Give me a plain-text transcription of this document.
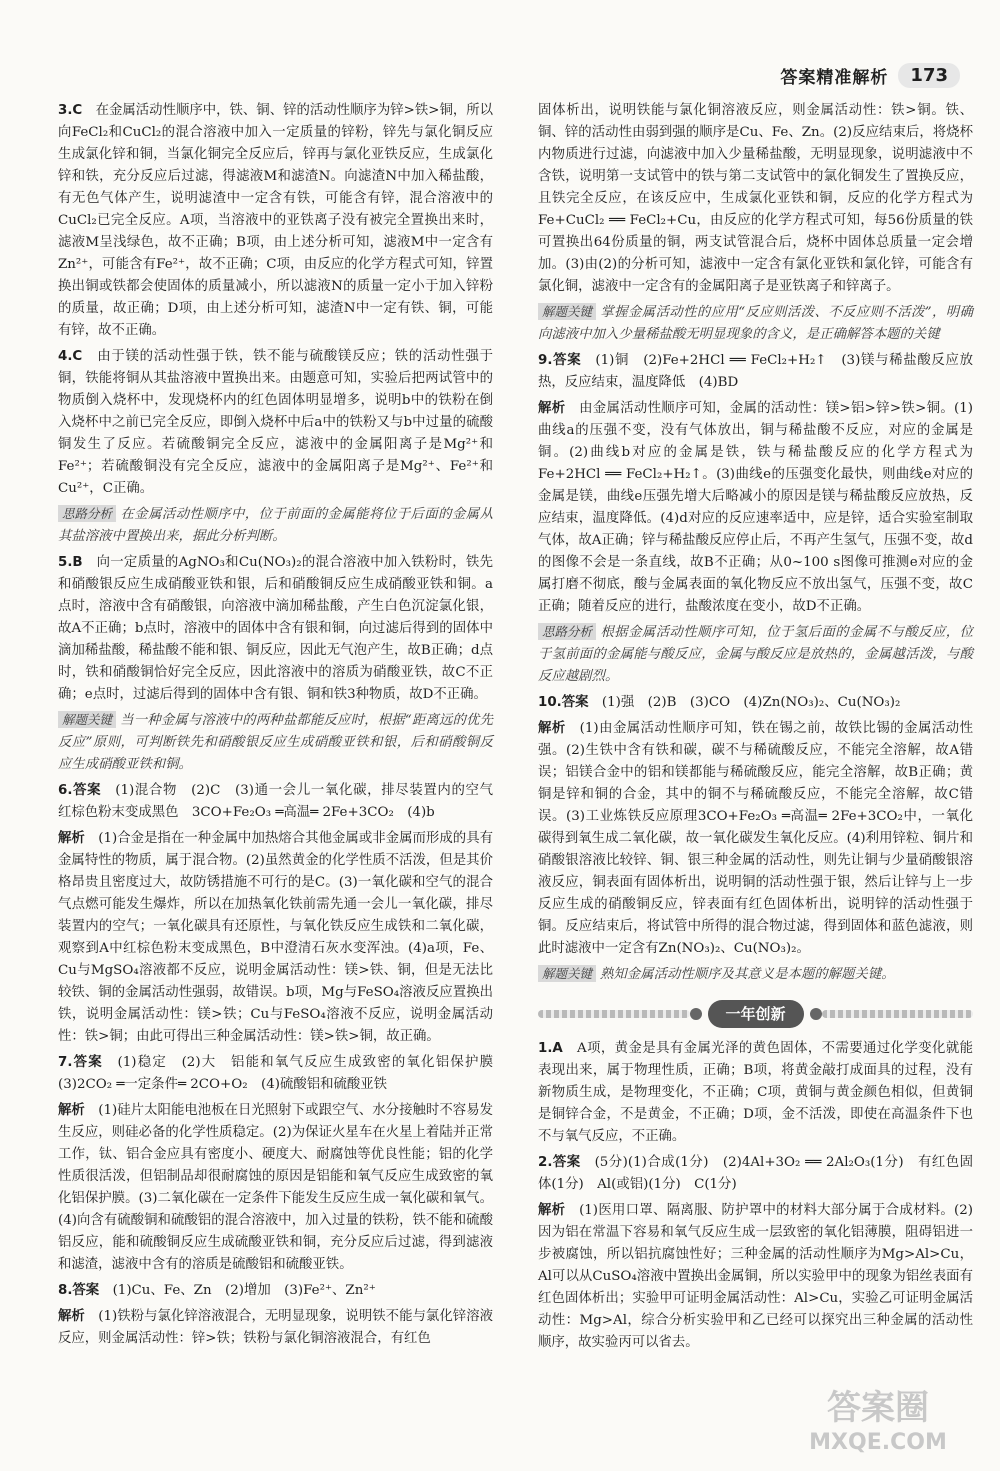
答案精准解析	173

3.C　 在金属活动性顺序中，铁、铜、锌的活动性顺序为锌>铁>铜，所以向FeCl₂和CuCl₂的混合溶液中加入一定质量的锌粉，锌先与氯化铜反应生成氯化锌和铜，当氯化铜完全反应后，锌再与氯化亚铁反应，生成氯化锌和铁，充分反应后过滤，得滤液M和滤渣N。向滤渣N中加入稀盐酸，有无色气体产生，说明滤渣中一定含有铁，可能含有锌，混合溶液中的CuCl₂已完全反应。A项，当溶液中的亚铁离子没有被完全置换出来时，滤液M呈浅绿色，故不正确；B项，由上述分析可知，滤液M中一定含有Zn²⁺，可能含有Fe²⁺，故不正确；C项，由反应的化学方程式可知，锌置换出铜或铁都会使固体的质量减小，所以滤液N的质量一定小于加入锌粉的质量，故正确；D项，由上述分析可知，滤渣N中一定有铁、铜，可能有锌，故不正确。

4.C　 由于镁的活动性强于铁，铁不能与硫酸镁反应；铁的活动性强于铜，铁能将铜从其盐溶液中置换出来。由题意可知，实验后把两试管中的物质倒入烧杯中，发现烧杯内的红色固体明显增多，说明b中的铁粉在倒入烧杯中之前已完全反应，即倒入烧杯中后a中的铁粉又与b中过量的硫酸铜发生了反应。若硫酸铜完全反应，滤液中的金属阳离子是Mg²⁺和Fe²⁺；若硫酸铜没有完全反应，滤液中的金属阳离子是Mg²⁺、Fe²⁺和Cu²⁺，C正确。

思路分析 在金属活动性顺序中，位于前面的金属能将位于后面的金属从其盐溶液中置换出来，据此分析判断。

5.B　 向一定质量的AgNO₃和Cu(NO₃)₂的混合溶液中加入铁粉时，铁先和硝酸银反应生成硝酸亚铁和银，后和硝酸铜反应生成硝酸亚铁和铜。a点时，溶液中含有硝酸银，向溶液中滴加稀盐酸，产生白色沉淀氯化银，故A不正确；b点时，溶液中的固体中含有银和铜，向过滤后得到的固体中滴加稀盐酸，稀盐酸不能和银、铜反应，因此无气泡产生，故B正确；d点时，铁和硝酸铜恰好完全反应，因此溶液中的溶质为硝酸亚铁，故C不正确；e点时，过滤后得到的固体中含有银、铜和铁3种物质，故D不正确。

解题关键 当一种金属与溶液中的两种盐都能反应时，根据“距离远的优先反应”原则，可判断铁先和硝酸银反应生成硝酸亚铁和银，后和硝酸铜反应生成硝酸亚铁和铜。

6.答案　 (1)混合物　(2)C　(3)通一会儿一氧化碳，排尽装置内的空气　红棕色粉末变成黑色　3CO+Fe₂O₃ ═高温═ 2Fe+3CO₂　(4)b

解析　 (1)合金是指在一种金属中加热熔合其他金属或非金属而形成的具有金属特性的物质，属于混合物。(2)虽然黄金的化学性质不活泼，但是其价格昂贵且密度过大，故防锈措施不可行的是C。(3)一氧化碳和空气的混合气点燃可能发生爆炸，所以在加热氧化铁前需先通一会儿一氧化碳，排尽装置内的空气；一氧化碳具有还原性，与氧化铁反应生成铁和二氧化碳，观察到A中红棕色粉末变成黑色，B中澄清石灰水变浑浊。(4)a项，Fe、Cu与MgSO₄溶液都不反应，说明金属活动性：镁>铁、铜，但是无法比较铁、铜的金属活动性强弱，故错误。b项，Mg与FeSO₄溶液反应置换出铁，说明金属活动性：镁>铁；Cu与FeSO₄溶液不反应，说明金属活动性：铁>铜；由此可得出三种金属活动性：镁>铁>铜，故正确。

7.答案　 (1)稳定　(2)大　铝能和氧气反应生成致密的氧化铝保护膜　(3)2CO₂ ═一定条件═ 2CO+O₂　(4)硫酸铝和硫酸亚铁

解析　 (1)硅片太阳能电池板在日光照射下或跟空气、水分接触时不容易发生反应，则硅必备的化学性质稳定。(2)为保证火星车在火星上着陆并正常工作，钛、铝合金应具有密度小、硬度大、耐腐蚀等优良性能；铝的化学性质很活泼，但铝制品却很耐腐蚀的原因是铝能和氧气反应生成致密的氧化铝保护膜。(3)二氧化碳在一定条件下能发生反应生成一氧化碳和氧气。(4)向含有硫酸铜和硫酸铝的混合溶液中，加入过量的铁粉，铁不能和硫酸铝反应，能和硫酸铜反应生成硫酸亚铁和铜，充分反应后过滤，得到滤液和滤渣，滤液中含有的溶质是硫酸铝和硫酸亚铁。

8.答案　 (1)Cu、Fe、Zn　(2)增加　(3)Fe²⁺、Zn²⁺

解析　 (1)铁粉与氯化锌溶液混合，无明显现象，说明铁不能与氯化锌溶液反应，则金属活动性：锌>铁；铁粉与氯化铜溶液混合，有红色

固体析出，说明铁能与氯化铜溶液反应，则金属活动性：铁>铜。铁、铜、锌的活动性由弱到强的顺序是Cu、Fe、Zn。(2)反应结束后，将烧杯内物质进行过滤，向滤液中加入少量稀盐酸，无明显现象，说明滤液中不含铁，说明第一支试管中的铁与第二支试管中的氯化铜发生了置换反应，且铁完全反应，在该反应中，生成氯化亚铁和铜，反应的化学方程式为Fe+CuCl₂ ══ FeCl₂+Cu，由反应的化学方程式可知，每56份质量的铁可置换出64份质量的铜，两支试管混合后，烧杯中固体总质量一定会增加。(3)由(2)的分析可知，滤液中一定含有氯化亚铁和氯化锌，可能含有氯化铜，滤液中一定含有的金属阳离子是亚铁离子和锌离子。

解题关键 掌握金属活动性的应用“反应则活泼、不反应则不活泼”，明确向滤液中加入少量稀盐酸无明显现象的含义，是正确解答本题的关键

9.答案　 (1)铜　(2)Fe+2HCl ══ FeCl₂+H₂↑　(3)镁与稀盐酸反应放热，反应结束，温度降低　(4)BD

解析　 由金属活动性顺序可知，金属的活动性：镁>铝>锌>铁>铜。(1)曲线a的压强不变，没有气体放出，铜与稀盐酸不反应，对应的金属是铜。(2)曲线b对应的金属是铁，铁与稀盐酸反应的化学方程式为Fe+2HCl ══ FeCl₂+H₂↑。(3)曲线e的压强变化最快，则曲线e对应的金属是镁，曲线e压强先增大后略减小的原因是镁与稀盐酸反应放热，反应结束，温度降低。(4)d对应的反应速率适中，应是锌，适合实验室制取气体，故A正确；锌与稀盐酸反应停止后，不再产生氢气，压强不变，故d的图像不会是一条直线，故B不正确；从0~100 s图像可推测e对应的金属打磨不彻底，酸与金属表面的氧化物反应不放出氢气，压强不变，故C正确；随着反应的进行，盐酸浓度在变小，故D不正确。

思路分析 根据金属活动性顺序可知，位于氢后面的金属不与酸反应，位于氢前面的金属能与酸反应，金属与酸反应是放热的，金属越活泼，与酸反应越剧烈。

10.答案　 (1)强　(2)B　(3)CO　(4)Zn(NO₃)₂、Cu(NO₃)₂

解析　 (1)由金属活动性顺序可知，铁在锡之前，故铁比锡的金属活动性强。(2)生铁中含有铁和碳，碳不与稀硫酸反应，不能完全溶解，故A错误；铝镁合金中的铝和镁都能与稀硫酸反应，能完全溶解，故B正确；黄铜是锌和铜的合金，其中的铜不与稀硫酸反应，不能完全溶解，故C错误。(3)工业炼铁反应原理3CO+Fe₂O₃ ═高温═ 2Fe+3CO₂中，一氧化碳得到氧生成二氧化碳，故一氧化碳发生氧化反应。(4)利用锌粒、铜片和硝酸银溶液比较锌、铜、银三种金属的活动性，则先让铜与少量硝酸银溶液反应，铜表面有固体析出，说明铜的活动性强于银，然后让锌与上一步反应生成的硝酸铜反应，锌表面有红色固体析出，说明锌的活动性强于铜。反应结束后，将试管中所得的混合物过滤，得到固体和蓝色滤液，则此时滤液中一定含有Zn(NO₃)₂、Cu(NO₃)₂。

解题关键 熟知金属活动性顺序及其意义是本题的解题关键。

一年创新

1.A　 A项，黄金是具有金属光泽的黄色固体，不需要通过化学变化就能表现出来，属于物理性质，正确；B项，将黄金敲打成面具的过程，没有新物质生成，是物理变化，不正确；C项，黄铜与黄金颜色相似，但黄铜是铜锌合金，不是黄金，不正确；D项，金不活泼，即使在高温条件下也不与氧气反应，不正确。

2.答案　 (5分)(1)合成(1分)　(2)4Al+3O₂ ══ 2Al₂O₃(1分)　有红色固体(1分)　Al(或铝)(1分)　C(1分)

解析　 (1)医用口罩、隔离服、防护罩中的材料大部分属于合成材料。(2)因为铝在常温下容易和氧气反应生成一层致密的氧化铝薄膜，阻碍铝进一步被腐蚀，所以铝抗腐蚀性好；三种金属的活动性顺序为Mg>Al>Cu，Al可以从CuSO₄溶液中置换出金属铜，所以实验甲中的现象为铝丝表面有红色固体析出；实验甲可证明金属活动性：Al>Cu，实验乙可证明金属活动性：Mg>Al，综合分析实验甲和乙已经可以探究出三种金属的活动性顺序，故实验丙可以省去。

答案圈
MXQE.COM
